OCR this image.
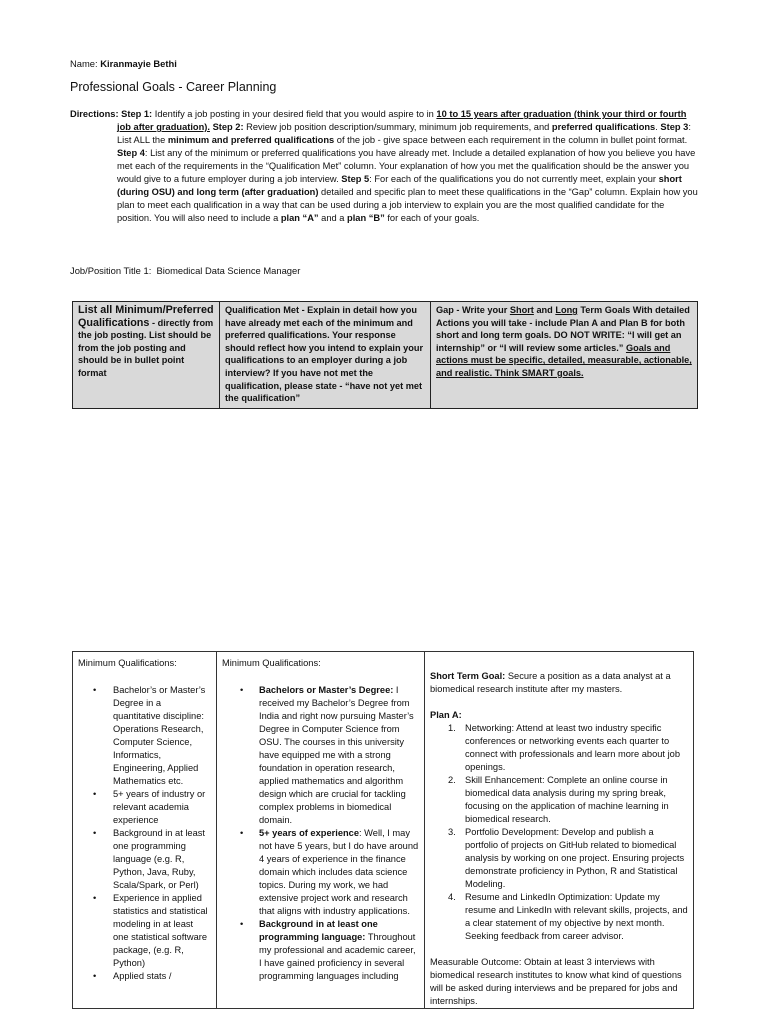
Name: Kiranmayie Bethi
Professional Goals - Career Planning
Directions: Step 1: Identify a job posting in your desired field that you would aspire to in 10 to 15 years after graduation (think your third or fourth job after graduation). Step 2: Review job position description/summary, minimum job requirements, and preferred qualifications. Step 3: List ALL the minimum and preferred qualifications of the job - give space between each requirement in the column in bullet point format. Step 4: List any of the minimum or preferred qualifications you have already met. Include a detailed explanation of how you believe you have met each of the requirements in the “Qualification Met” column. Your explanation of how you met the qualification should be the answer you would give to a future employer during a job interview. Step 5: For each of the qualifications you do not currently meet, explain your short (during OSU) and long term (after graduation) detailed and specific plan to meet these qualifications in the “Gap” column. Explain how you plan to meet each qualification in a way that can be used during a job interview to explain you are the most qualified candidate for the position. You will also need to include a plan “A” and a plan “B” for each of your goals.
Job/Position Title 1: Biomedical Data Science Manager
List all Minimum/Preferred Qualifications - directly from the job posting. List should be from the job posting and should be in bullet point format	Qualification Met - Explain in detail how you have already met each of the minimum and preferred qualifications. Your response should reflect how you intend to explain your qualifications to an employer during a job interview? If you have not met the qualification, please state - “have not yet met the qualification”	Gap - Write your Short and Long Term Goals With detailed Actions you will take - include Plan A and Plan B for both short and long term goals. DO NOT WRITE: “I will get an internship” or “I will review some articles.” Goals and actions must be specific, detailed, measurable, actionable, and realistic. Think SMART goals.
Minimum Qualifications:
• Bachelor’s or Master’s Degree in a quantitative discipline: Operations Research, Computer Science, Informatics, Engineering, Applied Mathematics etc.
• 5+ years of industry or relevant academia experience
• Background in at least one programming language (e.g. R, Python, Java, Ruby, Scala/Spark, or Perl)
• Experience in applied statistics and statistical modeling in at least one statistical software package, (e.g. R, Python)
• Applied stats /

Minimum Qualifications:
• Bachelors or Master’s Degree: I received my Bachelor’s Degree from India and right now pursuing Master’s Degree in Computer Science from OSU. The courses in this university have equipped me with a strong foundation in operation research, applied mathematics and algorithm design which are crucial for tackling complex problems in biomedical domain.
• 5+ years of experience: Well, I may not have 5 years, but I do have around 4 years of experience in the finance domain which includes data science topics. During my work, we had extensive project work and research that aligns with industry applications.
• Background in at least one programming language: Throughout my professional and academic career, I have gained proficiency in several programming languages including

Short Term Goal: Secure a position as a data analyst at a biomedical research institute after my masters.
Plan A:
1. Networking: Attend at least two industry specific conferences or networking events each quarter to connect with professionals and learn more about job openings.
2. Skill Enhancement: Complete an online course in biomedical data analysis during my spring break, focusing on the application of machine learning in biomedical research.
3. Portfolio Development: Develop and publish a portfolio of projects on GitHub related to biomedical analysis by working on one project. Ensuring projects demonstrate proficiency in Python, R and Statistical Modeling.
4. Resume and LinkedIn Optimization: Update my resume and LinkedIn with relevant skills, projects, and a clear statement of my objective by next month. Seeking feedback from career advisor.
Measurable Outcome: Obtain at least 3 interviews with biomedical research institutes to know what kind of questions will be asked during interviews and be prepared for jobs and internships.
